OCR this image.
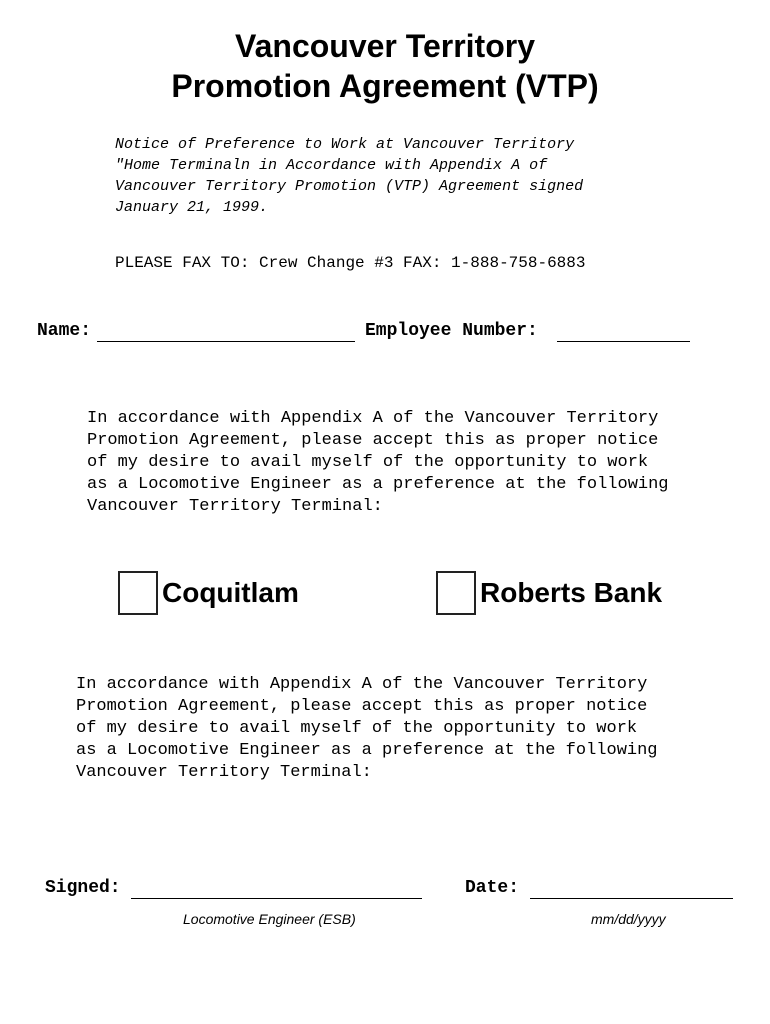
Vancouver Territory
Promotion Agreement (VTP)
Notice of Preference to Work at Vancouver Territory
"Home Terminaln in Accordance with Appendix A of
Vancouver Territory Promotion (VTP) Agreement signed
January 21, 1999.
PLEASE FAX TO: Crew Change #3 FAX: 1-888-758-6883
Name:	Employee Number:
In accordance with Appendix A of the Vancouver Territory
Promotion Agreement, please accept this as proper notice
of my desire to avail myself of the opportunity to work
as a Locomotive Engineer as a preference at the following
Vancouver Territory Terminal:
Coquitlam	Roberts Bank
In accordance with Appendix A of the Vancouver Territory
Promotion Agreement, please accept this as proper notice
of my desire to avail myself of the opportunity to work
as a Locomotive Engineer as a preference at the following
Vancouver Territory Terminal:
Signed:	Date:
Locomotive Engineer (ESB)	mm/dd/yyyy
